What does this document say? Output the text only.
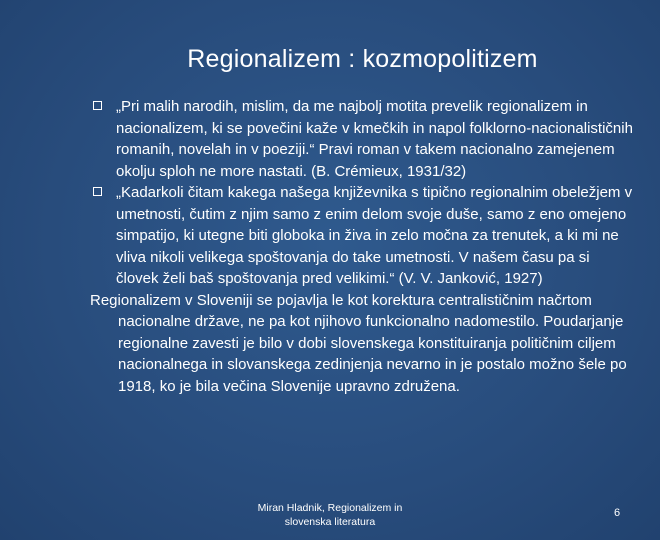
Regionalizem : kozmopolitizem
„Pri malih narodih, mislim, da me najbolj motita prevelik regionalizem in nacionalizem, ki se povečini kaže v kmečkih in napol folklorno-nacionalističnih romanih, novelah in v poeziji.“ Pravi roman v takem nacionalno zamejenem okolju sploh ne more nastati. (B. Crémieux, 1931/32)
„Kadarkoli čitam kakega našega književnika s tipično regionalnim obeležjem v umetnosti, čutim z njim samo z enim delom svoje duše, samo z eno omejeno simpatijo, ki utegne biti globoka in živa in zelo močna za trenutek, a ki mi ne vliva nikoli velikega spoštovanja do take umetnosti. V našem času pa si človek želi baš spoštovanja pred velikimi.“ (V. V. Janković, 1927)

Regionalizem v Sloveniji se pojavlja le kot korektura centralističnim načrtom nacionalne države, ne pa kot njihovo funkcionalno nadomestilo. Poudarjanje regionalne zavesti je bilo v dobi slovenskega konstituiranja političnim ciljem nacionalnega in slovanskega zedinjenja nevarno in je postalo možno šele po 1918, ko je bila večina Slovenije upravno združena.

Miran Hladnik, Regionalizem in
slovenska literatura
6
